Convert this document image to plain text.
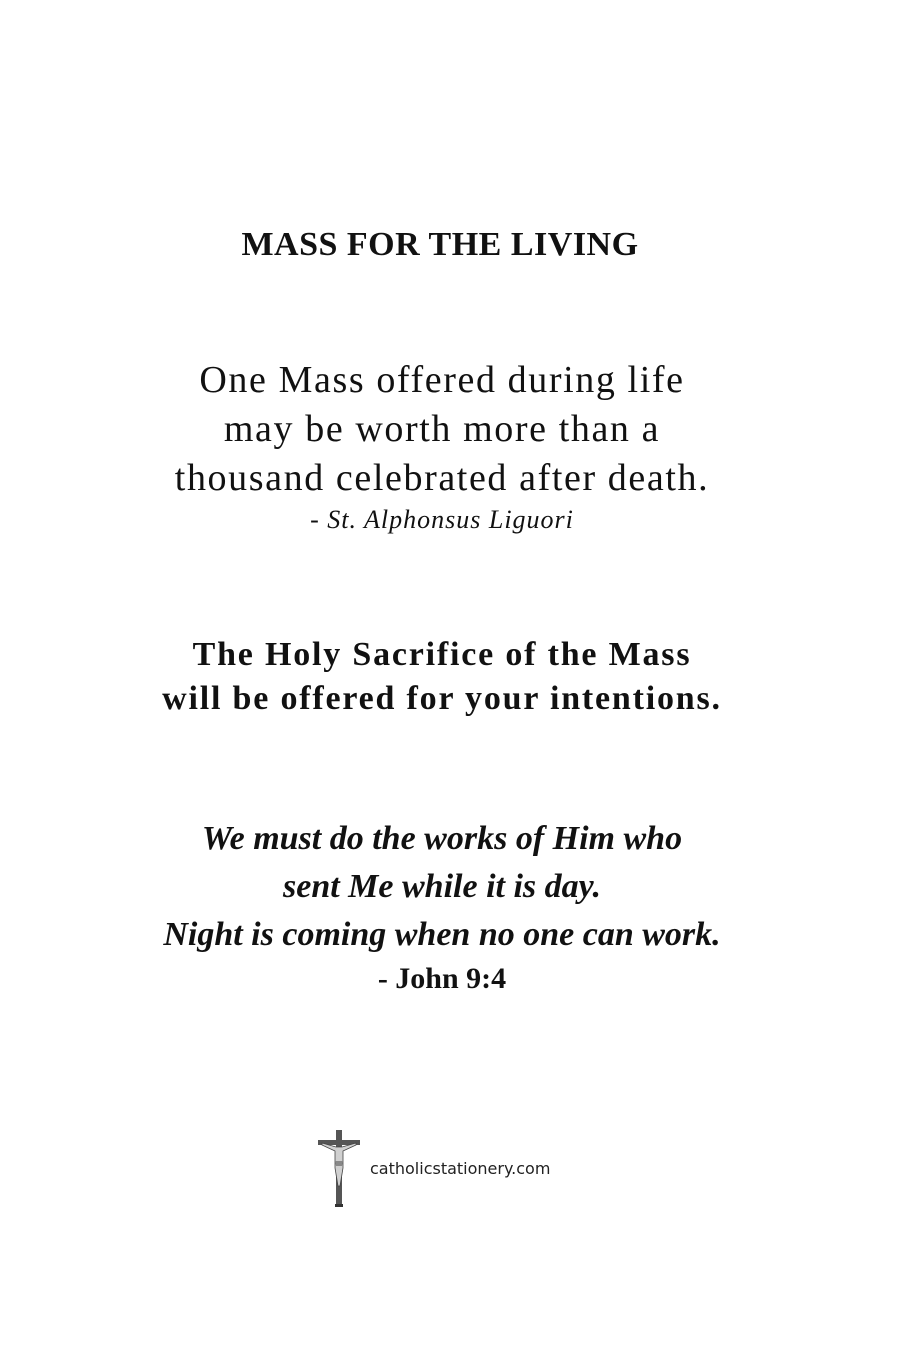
MASS FOR THE LIVING

One Mass offered during life
may be worth more than a
thousand celebrated after death.

- St. Alphonsus Liguori

The Holy Sacrifice of the Mass
will be offered for your intentions.

We must do the works of Him who
sent Me while it is day.
Night is coming when no one can work.

- John 9:4

catholicstationery.com
